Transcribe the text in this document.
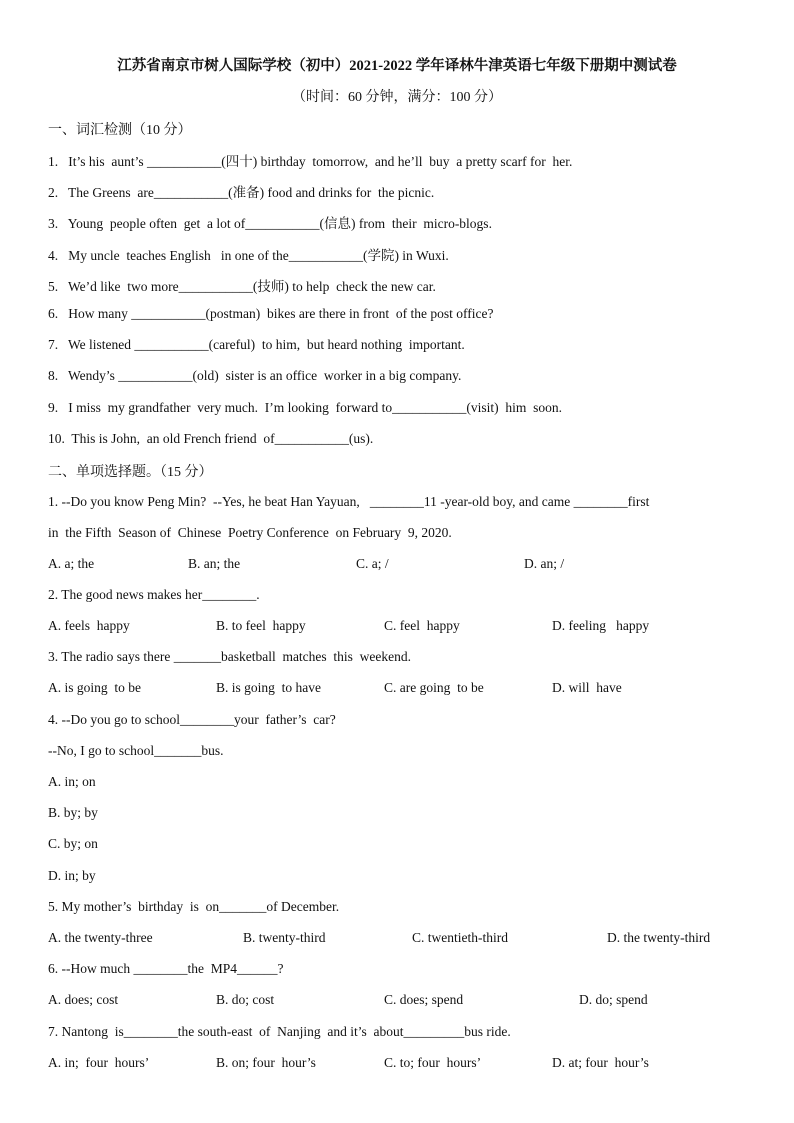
江苏省南京市树人国际学校（初中）2021-2022 学年译林牛津英语七年级下册期中测试卷
（时间：60 分钟，满分：100 分）
一、词汇检测（10 分）
1.   It’s his  aunt’s ___________(四十) birthday  tomorrow,  and he’ll  buy  a pretty scarf for  her.
2.   The Greens  are___________(准备) food and drinks for  the picnic.
3.   Young  people often  get  a lot of___________(信息) from  their  micro-blogs.
4.   My uncle  teaches English   in one of the___________(学院) in Wuxi.
5.   We’d like  two more___________(技师) to help  check the new car.
6.   How many ___________(postman)  bikes are there in front  of the post office?
7.   We listened ___________(careful)  to him,  but heard nothing  important.
8.   Wendy’s ___________(old)  sister is an office  worker in a big company.
9.   I miss  my grandfather  very much.  I’m looking  forward to___________(visit)  him  soon.
10.  This is John,  an old French friend  of___________(us).
二、单项选择题。（15 分）
1. --Do you know Peng Min?  --Yes, he beat Han Yayuan,   ________11 -year-old boy, and came ________first
in  the Fifth  Season of  Chinese  Poetry Conference  on February  9, 2020.
A. a; the	B. an; the	C. a; /	D. an; /
2. The good news makes her________.
A. feels  happy	B. to feel  happy	C. feel  happy	D. feeling   happy
3. The radio says there _______basketball  matches  this  weekend.
A. is going  to be	B. is going  to have	C. are going  to be	D. will  have
4. --Do you go to school________your  father’s  car?
--No, I go to school_______bus.
A. in; on
B. by; by
C. by; on
D. in; by
5. My mother’s  birthday  is  on_______of December.
A. the twenty-three	B. twenty-third	C. twentieth-third	D. the twenty-third
6. --How much ________the  MP4______?
A. does; cost	B. do; cost	C. does; spend	D. do; spend
7. Nantong  is________the south-east  of  Nanjing  and it’s  about_________bus ride.
A. in;  four  hours’	B. on; four  hour’s	C. to; four  hours’	D. at; four  hour’s
